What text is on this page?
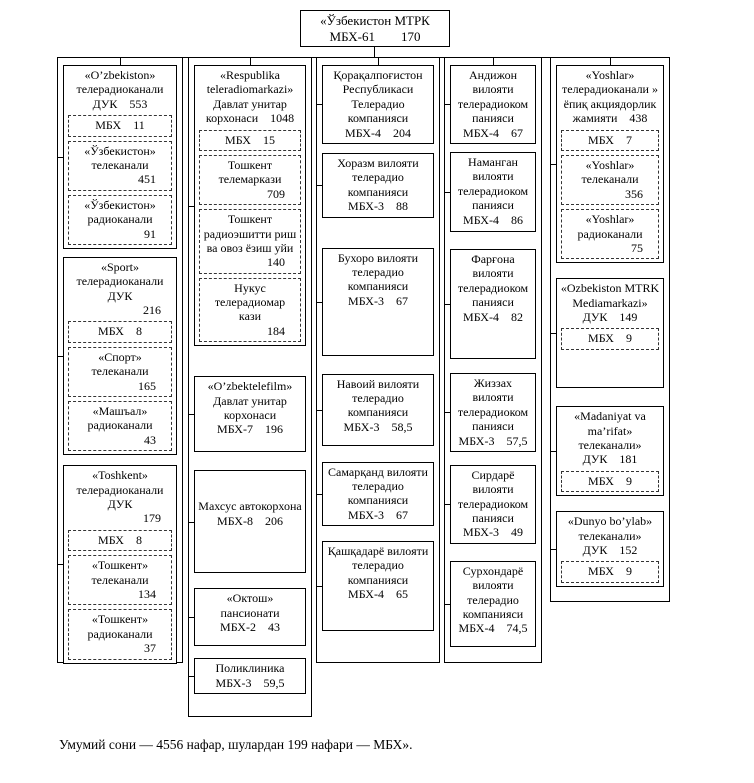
«Ўзбекистон МТРК
МБХ-61 170
«O’zbekiston» телерадиоканали ДУК 553
МБХ 11
«Ўзбекистон» телеканали
451
«Ўзбекистон» радиоканали
91
«Sport» телерадиоканали ДУК
216
МБХ 8
«Спорт» телеканали
165
«Машъал» радиоканали
43
«Toshkent» телерадиоканали ДУК
179
МБХ 8
«Тошкент» телеканали
134
«Тошкент» радиоканали
37
«Respublika teleradiomarkazi» Давлат унитар корхонаси 1048
МБХ 15
Тошкент телемаркази
709
Тошкент радиоэшитти риш ва овоз ёзиш уйи
140
Нукус телерадиомар кази
184
«O’zbektelefilm» Давлат унитар корхонаси МБХ-7 196
Махсус автокорхона МБХ-8 206
«Октош» пансионати МБХ-2 43
Поликлиника МБХ-3 59,5
Қорақалпоғистон Республикаси Телерадио компанияси МБХ-4 204
Хоразм вилояти телерадио компанияси МБХ-3 88
Бухоро вилояти телерадио компанияси МБХ-3 67
Навоий вилояти телерадио компанияси МБХ-3 58,5
Самарқанд вилояти телерадио компанияси МБХ-3 67
Қашқадарё вилояти телерадио компанияси МБХ-4 65
Андижон вилояти телерадиоком панияси МБХ-4 67
Наманган вилояти телерадиоком панияси МБХ-4 86
Фарғона вилояти телерадиоком панияси МБХ-4 82
Жиззах вилояти телерадиоком панияси МБХ-3 57,5
Сирдарё вилояти телерадиоком панияси МБХ-3 49
Сурхондарё вилояти телерадио компанияси МБХ-4 74,5
«Yoshlar» телерадиоканали » ёпиқ акциядорлик жамияти 438
МБХ 7
«Yoshlar» телеканали
356
«Yoshlar» радиоканали
75
«Ozbekiston MTRK Mediamarkazi» ДУК 149
МБХ 9
«Madaniyat va ma’rifat» телеканали» ДУК 181
МБХ 9
«Dunyo bo’ylab» телеканали» ДУК 152
МБХ 9
Умумий сони — 4556 нафар, шулардан 199 нафари — МБХ».
